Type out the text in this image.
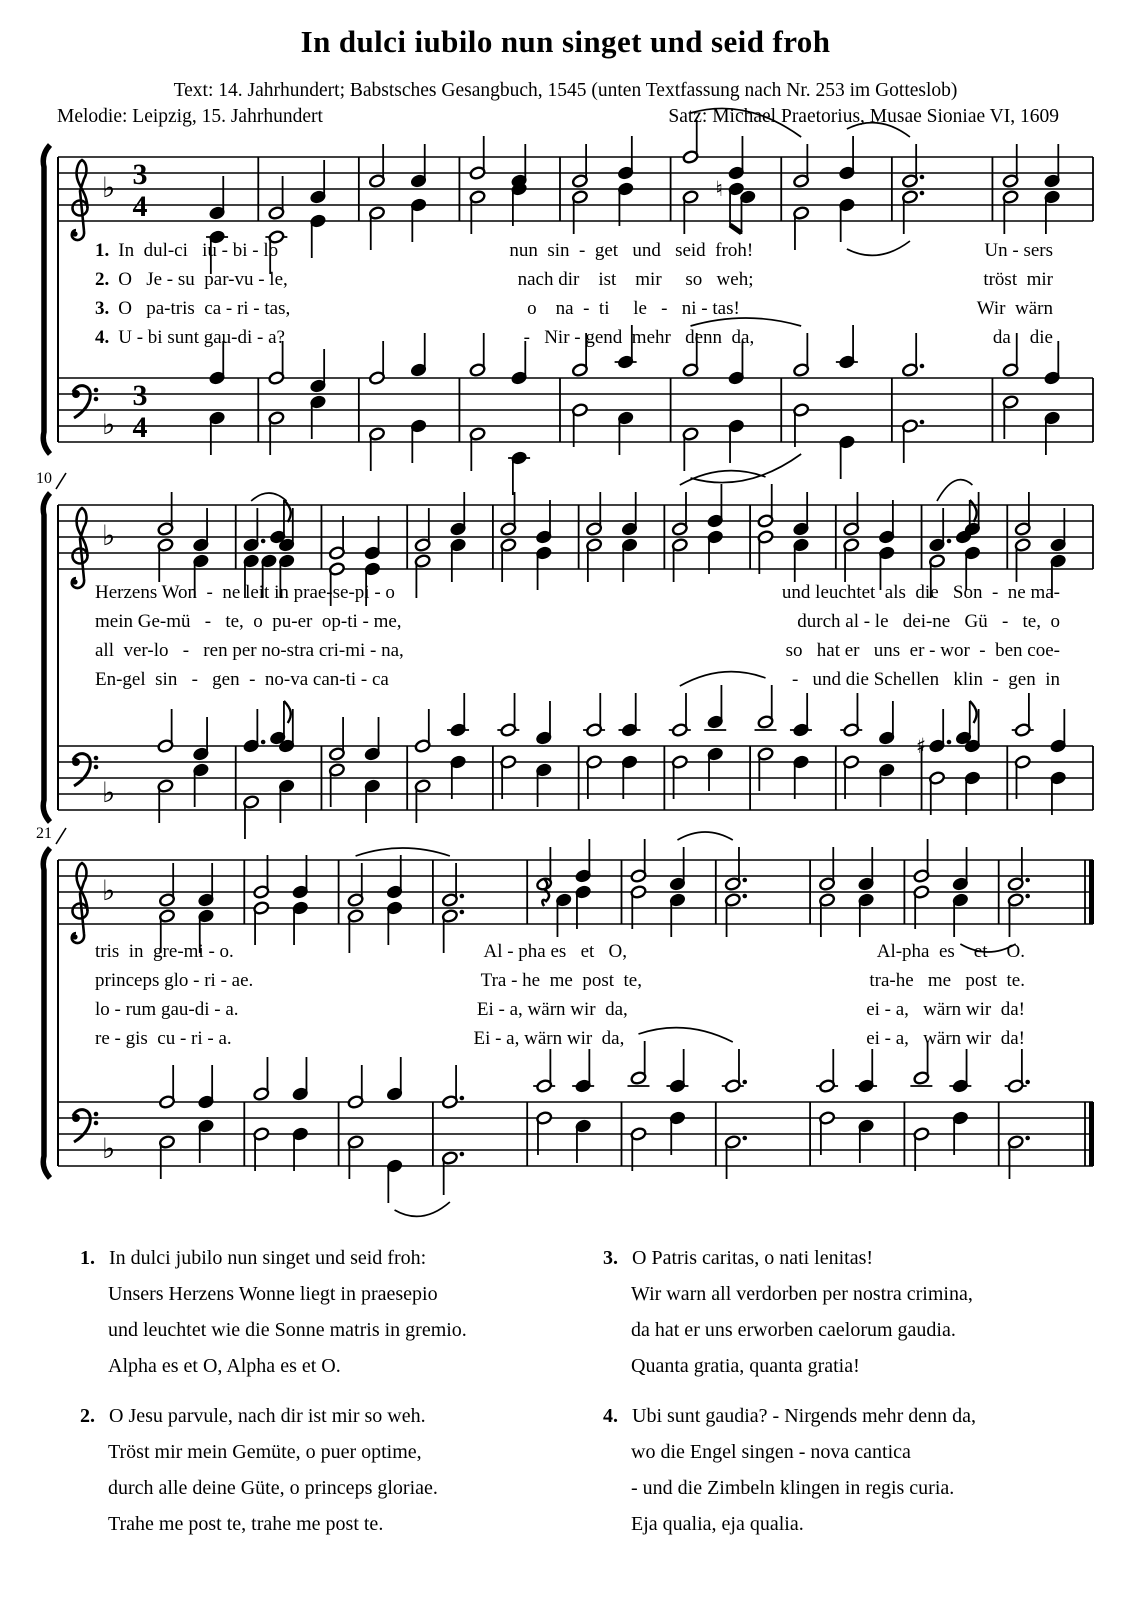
In dulci iubilo nun singet und seid froh
Text: 14. Jahrhundert; Babstsches Gesangbuch, 1545 (unten Textfassung nach Nr. 253 im Gotteslob)
Melodie: Leipzig, 15. Jahrhundert	Satz: Michael Praetorius, Musae Sioniae VI, 1609
♭
♭
3
4
3
4
♮
♭
♭
10
♯
♭
♭
21
1. In  dul-ci   iu - bi - lo	nun  sin  -  get   und   seid  froh!	Un - sers
2. O   Je - su  par-vu - le,	nach dir    ist    mir     so   weh;	tröst  mir
3. O   pa-tris  ca - ri - tas,	o    na  -  ti     le   -   ni - tas!	Wir  wärn
4. U - bi sunt gau-di - a?	-   Nir - gend  mehr   denn  da,	da    die
Herzens Won  -  ne leit in prae-se-pi - o	und leuchtet  als  die   Son  -  ne ma-
mein Ge-mü   -   te,  o  pu-er  op-ti - me,	durch al - le   dei-ne   Gü   -   te,  o
all  ver-lo   -   ren per no-stra cri-mi - na,	so   hat er   uns  er - wor  -  ben coe-
En-gel  sin   -   gen  -  no-va can-ti - ca	-   und die Schellen   klin  -  gen  in
tris  in  gre-mi - o.	Al - pha es   et   O,	Al-pha  es    et    O.
princeps glo - ri - ae.	Tra - he  me  post  te,	tra-he   me   post  te.
lo - rum gau-di - a.	Ei - a, wärn wir  da,	ei - a,   wärn wir  da!
re - gis  cu - ri - a.	Ei - a, wärn wir  da,	ei - a,   wärn wir  da!
1. In dulci jubilo nun singet und seid froh:
Unsers Herzens Wonne liegt in praesepio
und leuchtet wie die Sonne matris in gremio.
Alpha es et O, Alpha es et O.
2. O Jesu parvule, nach dir ist mir so weh.
Tröst mir mein Gemüte, o puer optime,
durch alle deine Güte, o princeps gloriae.
Trahe me post te, trahe me post te.
3. O Patris caritas, o nati lenitas!
Wir warn all verdorben per nostra crimina,
da hat er uns erworben caelorum gaudia.
Quanta gratia, quanta gratia!
4. Ubi sunt gaudia? - Nirgends mehr denn da,
wo die Engel singen - nova cantica
- und die Zimbeln klingen in regis curia.
Eja qualia, eja qualia.
